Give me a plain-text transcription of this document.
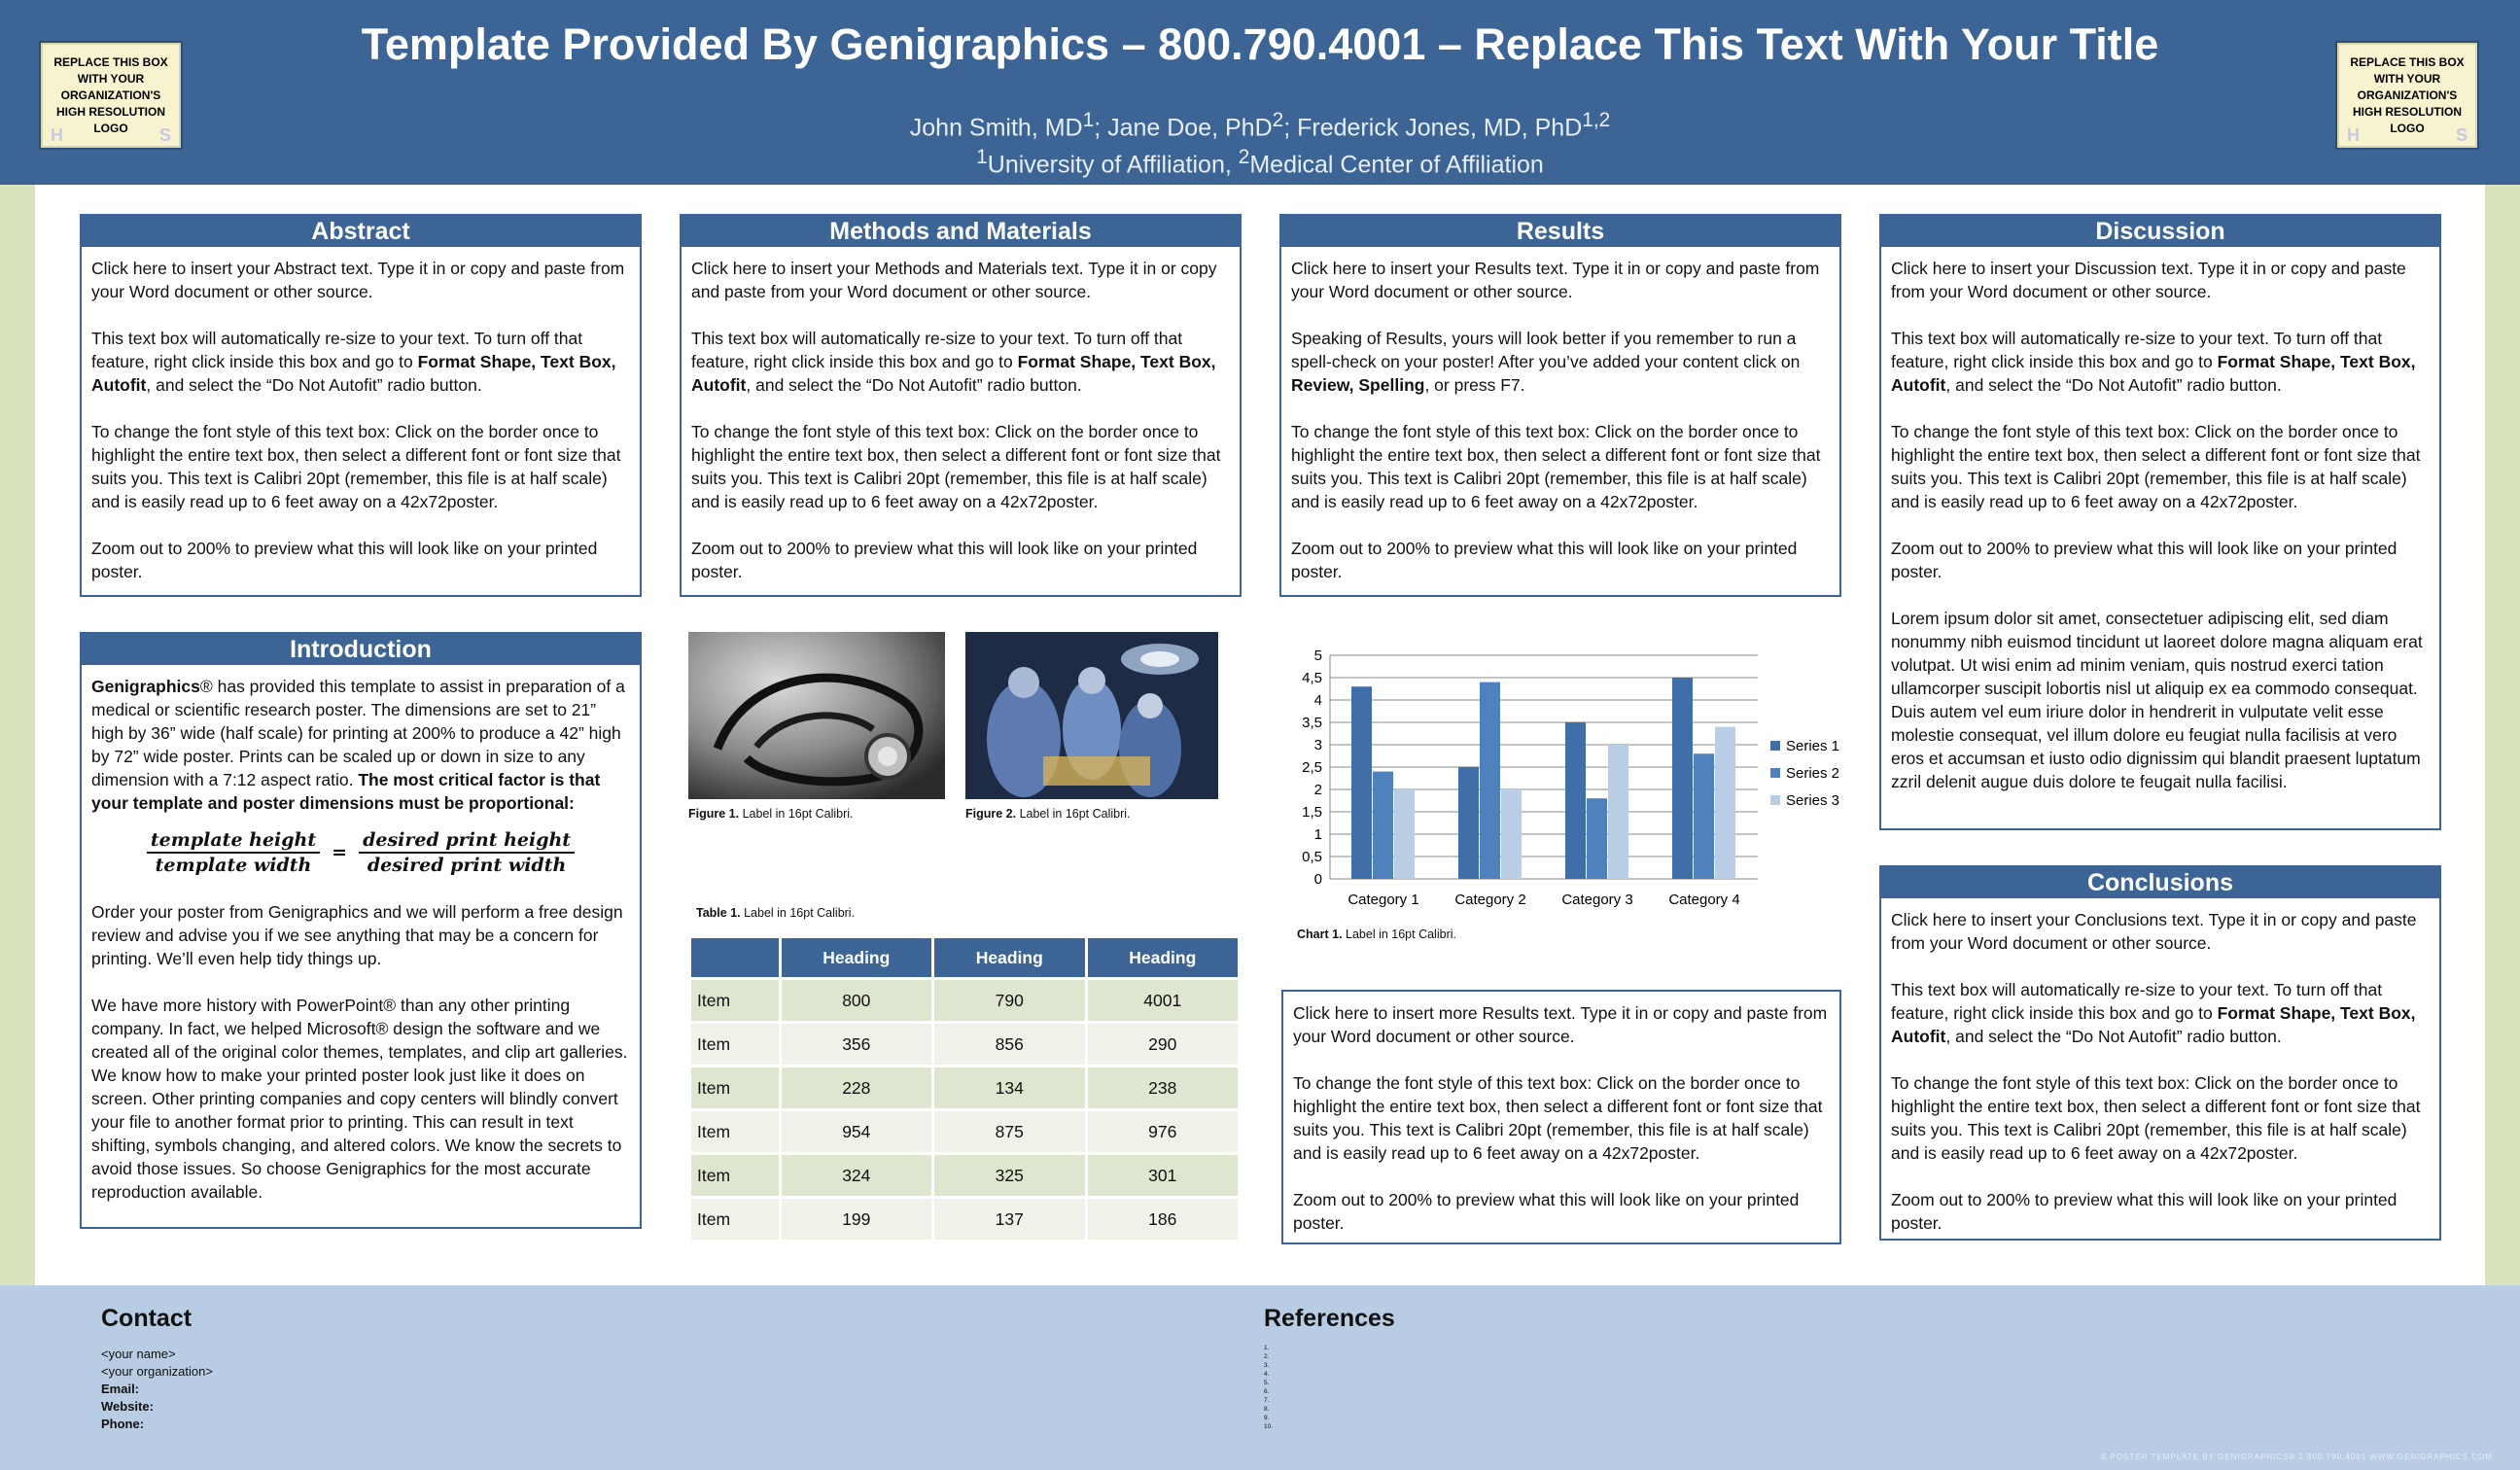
Template Provided By Genigraphics – 800.790.4001 – Replace This Text With Your Title
John Smith, $MD^1$; Jane Doe, PhD$^2$; Frederick Jones, MD, PhD$^{1,2}$
$^1$University of Affiliation, $^2$Medical Center of Affiliation
REPLACE THIS BOX
WITH YOUR
ORGANIZATION'S
HIGH RESOLUTION
LOGO
H	S
REPLACE THIS BOX
WITH YOUR
ORGANIZATION'S
HIGH RESOLUTION
LOGO
H	S
Abstract

Click here to insert your Abstract text. Type it in or copy and paste from your Word document or other source.

This text box will automatically re-size to your text. To turn off that feature, right click inside this box and go to Format Shape, Text Box, Autofit, and select the “Do Not Autofit” radio button.

To change the font style of this text box: Click on the border once to highlight the entire text box, then select a different font or font size that suits you. This text is Calibri 20pt (remember, this file is at half scale) and is easily read up to 6 feet away on a 42x72poster.

Zoom out to 200% to preview what this will look like on your printed poster.

Introduction

Genigraphics® has provided this template to assist in preparation of a medical or scientific research poster. The dimensions are set to 21” high by 36” wide (half scale) for printing at 200% to produce a 42” high by 72” wide poster. Prints can be scaled up or down in size to any dimension with a 7:12 aspect ratio. The most critical factor is that your template and poster dimensions must be proportional:

$\frac{\text{template height}}{\text{template width}} = \frac{\text{desired print height}}{\text{desired print width}}$

Order your poster from Genigraphics and we will perform a free design review and advise you if we see anything that may be a concern for printing. We’ll even help tidy things up.

We have more history with PowerPoint® than any other printing company. In fact, we helped Microsoft® design the software and we created all of the original color themes, templates, and clip art galleries. We know how to make your printed poster look just like it does on screen. Other printing companies and copy centers will blindly convert your file to another format prior to printing. This can result in text shifting, symbols changing, and altered colors. We know the secrets to avoid those issues. So choose Genigraphics for the most accurate reproduction available.

Methods and Materials

Click here to insert your Methods and Materials text. Type it in or copy and paste from your Word document or other source.

This text box will automatically re-size to your text. To turn off that feature, right click inside this box and go to Format Shape, Text Box, Autofit, and select the “Do Not Autofit” radio button.

To change the font style of this text box: Click on the border once to highlight the entire text box, then select a different font or font size that suits you. This text is Calibri 20pt (remember, this file is at half scale) and is easily read up to 6 feet away on a 42x72poster.

Zoom out to 200% to preview what this will look like on your printed poster.

Figure 1. Label in 16pt Calibri.	Figure 2. Label in 16pt Calibri.
Table 1. Label in 16pt Calibri.
	Heading	Heading	Heading
Item	800	790	4001
Item	356	856	290
Item	228	134	238
Item	954	875	976
Item	324	325	301
Item	199	137	186
Results

Click here to insert your Results text. Type it in or copy and paste from your Word document or other source.

Speaking of Results, yours will look better if you remember to run a spell-check on your poster! After you’ve added your content click on Review, Spelling, or press F7.

To change the font style of this text box: Click on the border once to highlight the entire text box, then select a different font or font size that suits you. This text is Calibri 20pt (remember, this file is at half scale) and is easily read up to 6 feet away on a 42x72poster.

Zoom out to 200% to preview what this will look like on your printed poster.

0
0,5
1
1,5
2
2,5
3
3,5
4
4,5
5
Category 1 Category 2 Category 3 Category 4
Series 1
Series 2
Series 3
Chart 1. Label in 16pt Calibri.

Click here to insert more Results text. Type it in or copy and paste from your Word document or other source.

To change the font style of this text box: Click on the border once to highlight the entire text box, then select a different font or font size that suits you. This text is Calibri 20pt (remember, this file is at half scale) and is easily read up to 6 feet away on a 42x72poster.

Zoom out to 200% to preview what this will look like on your printed poster.

Discussion

Click here to insert your Discussion text. Type it in or copy and paste from your Word document or other source.

This text box will automatically re-size to your text. To turn off that feature, right click inside this box and go to Format Shape, Text Box, Autofit, and select the “Do Not Autofit” radio button.

To change the font style of this text box: Click on the border once to highlight the entire text box, then select a different font or font size that suits you. This text is Calibri 20pt (remember, this file is at half scale) and is easily read up to 6 feet away on a 42x72poster.

Zoom out to 200% to preview what this will look like on your printed poster.

Lorem ipsum dolor sit amet, consectetuer adipiscing elit, sed diam nonummy nibh euismod tincidunt ut laoreet dolore magna aliquam erat volutpat. Ut wisi enim ad minim veniam, quis nostrud exerci tation ullamcorper suscipit lobortis nisl ut aliquip ex ea commodo consequat. Duis autem vel eum iriure dolor in hendrerit in vulputate velit esse molestie consequat, vel illum dolore eu feugiat nulla facilisis at vero eros et accumsan et iusto odio dignissim qui blandit praesent luptatum zzril delenit augue duis dolore te feugait nulla facilisi.

Conclusions

Click here to insert your Conclusions text. Type it in or copy and paste from your Word document or other source.

This text box will automatically re-size to your text. To turn off that feature, right click inside this box and go to Format Shape, Text Box, Autofit, and select the “Do Not Autofit” radio button.

To change the font style of this text box: Click on the border once to highlight the entire text box, then select a different font or font size that suits you. This text is Calibri 20pt (remember, this file is at half scale) and is easily read up to 6 feet away on a 42x72poster.

Zoom out to 200% to preview what this will look like on your printed poster.

Contact
<your name>
<your organization>
Email:
Website:
Phone:
References
1.
2.
3.
4.
5.
6.
7.
8.
9.
10.
© POSTER TEMPLATE BY GENIGRAPHICS® 1.800.790.4001 WWW.GENIGRAPHICS.COM
